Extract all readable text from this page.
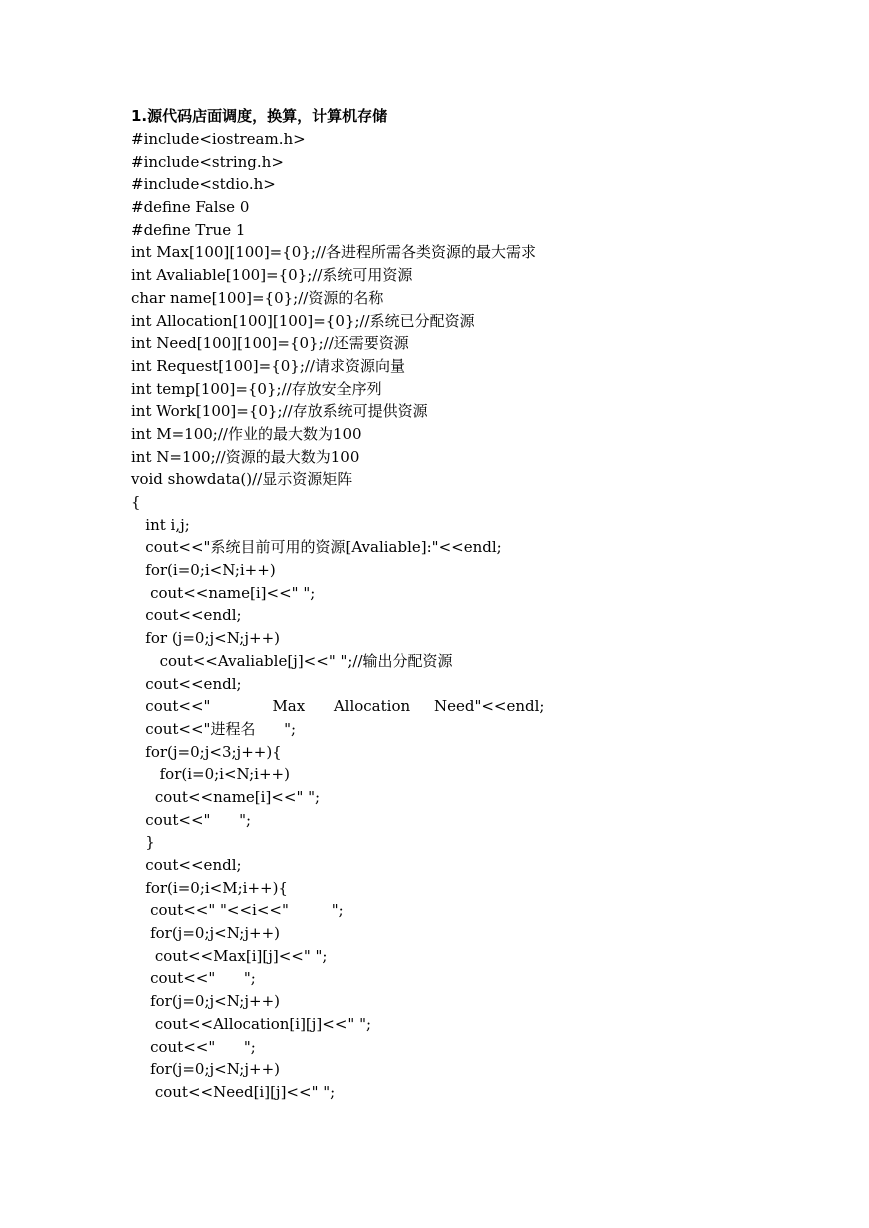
1.源代码店面调度，换算，计算机存储
#include<iostream.h>
#include<string.h>
#include<stdio.h>
#define False 0
#define True 1
int Max[100][100]={0};//各进程所需各类资源的最大需求
int Avaliable[100]={0};//系统可用资源
char name[100]={0};//资源的名称
int Allocation[100][100]={0};//系统已分配资源
int Need[100][100]={0};//还需要资源
int Request[100]={0};//请求资源向量
int temp[100]={0};//存放安全序列
int Work[100]={0};//存放系统可提供资源
int M=100;//作业的最大数为100
int N=100;//资源的最大数为100
void showdata()//显示资源矩阵
{
int i,j;
cout<<"系统目前可用的资源[Avaliable]:"<<endl;
for(i=0;i<N;i++)
cout<<name[i]<<" ";
cout<<endl;
for (j=0;j<N;j++)
cout<<Avaliable[j]<<" ";//输出分配资源
cout<<endl;
cout<<"             Max      Allocation     Need"<<endl;
cout<<"进程名      ";
for(j=0;j<3;j++){
for(i=0;i<N;i++)
cout<<name[i]<<" ";
cout<<"      ";
}
cout<<endl;
for(i=0;i<M;i++){
cout<<" "<<i<<"         ";
for(j=0;j<N;j++)
cout<<Max[i][j]<<" ";
cout<<"      ";
for(j=0;j<N;j++)
cout<<Allocation[i][j]<<" ";
cout<<"      ";
for(j=0;j<N;j++)
cout<<Need[i][j]<<" ";
